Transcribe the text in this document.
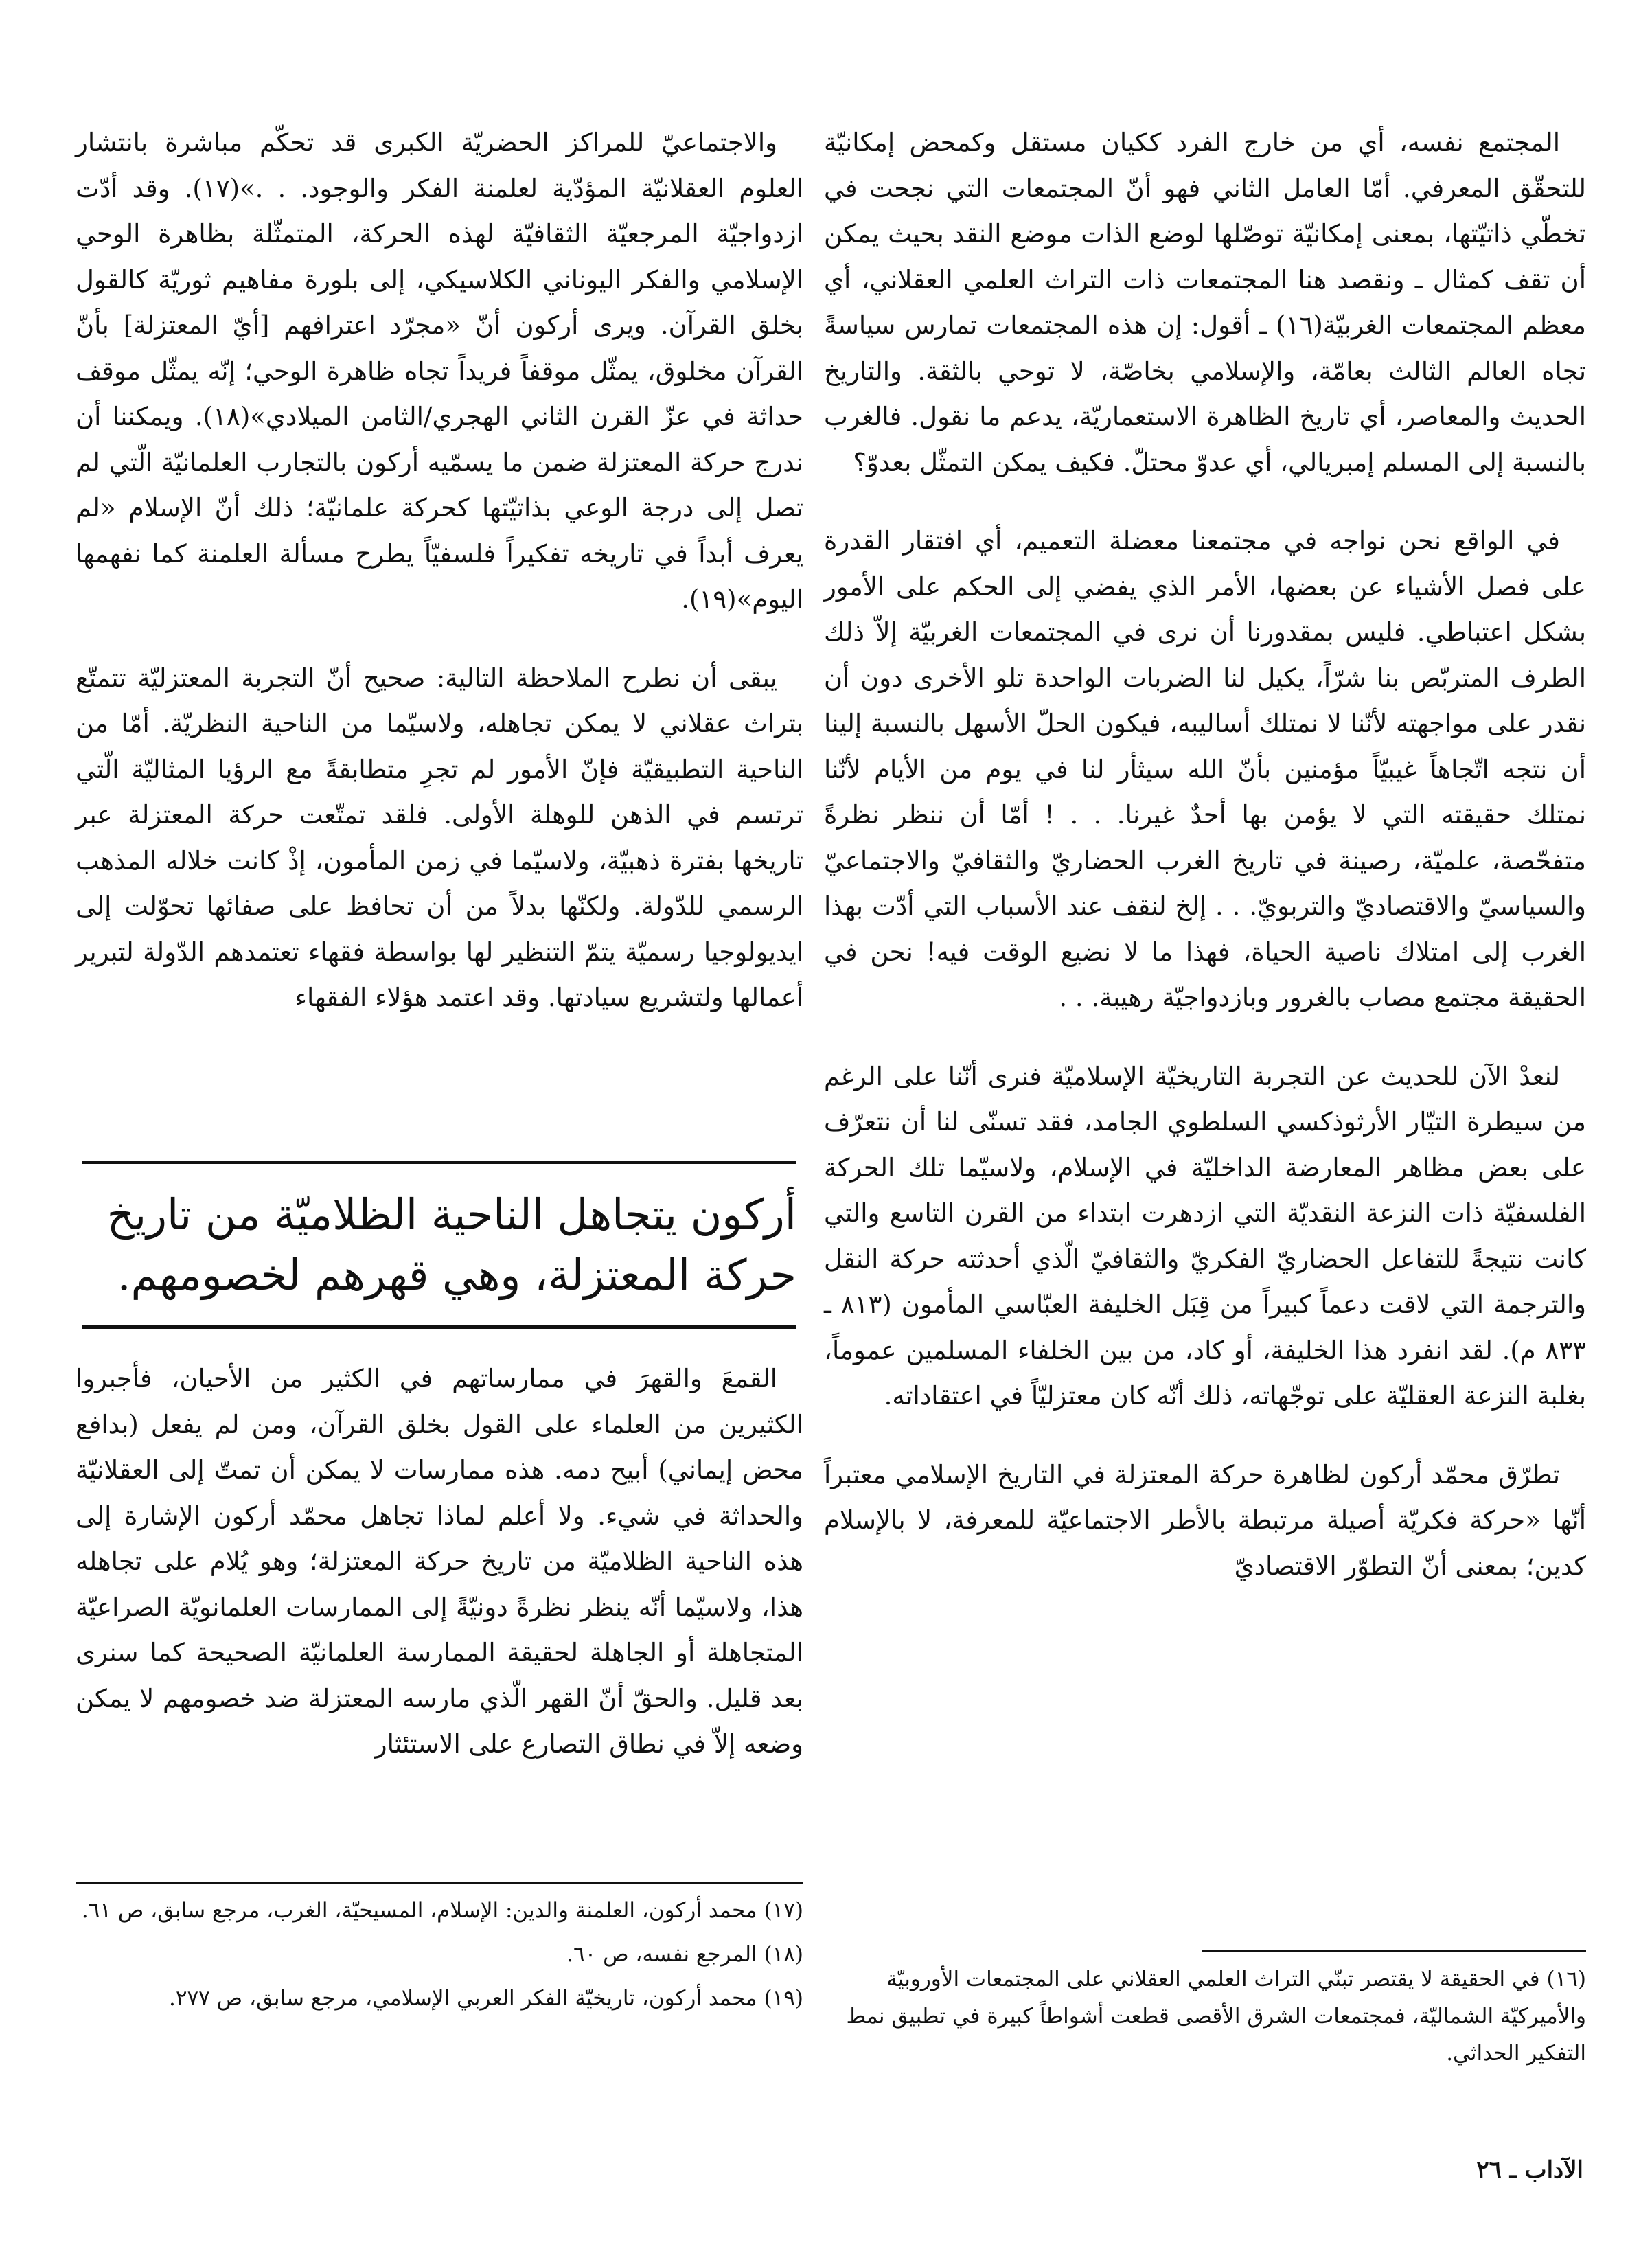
المجتمع نفسه، أي من خارج الفرد ككيان مستقل وكمحض إمكانيّة للتحقّق المعرفي. أمّا العامل الثاني فهو أنّ المجتمعات التي نجحت في تخطّي ذاتيّتها، بمعنى إمكانيّة توصّلها لوضع الذات موضع النقد بحيث يمكن أن تقف كمثال ـ ونقصد هنا المجتمعات ذات التراث العلمي العقلاني، أي معظم المجتمعات الغربيّة(١٦) ـ أقول: إن هذه المجتمعات تمارس سياسةً تجاه العالم الثالث بعامّة، والإسلامي بخاصّة، لا توحي بالثقة. والتاريخ الحديث والمعاصر، أي تاريخ الظاهرة الاستعماريّة، يدعم ما نقول. فالغرب بالنسبة إلى المسلم إمبريالي، أي عدوّ محتلّ. فكيف يمكن التمثّل بعدوّ؟

في الواقع نحن نواجه في مجتمعنا معضلة التعميم، أي افتقار القدرة على فصل الأشياء عن بعضها، الأمر الذي يفضي إلى الحكم على الأمور بشكل اعتباطي. فليس بمقدورنا أن نرى في المجتمعات الغربيّة إلاّ ذلك الطرف المتربّص بنا شرّاً، يكيل لنا الضربات الواحدة تلو الأخرى دون أن نقدر على مواجهته لأنّنا لا نمتلك أساليبه، فيكون الحلّ الأسهل بالنسبة إلينا أن نتجه اتّجاهاً غيبيّاً مؤمنين بأنّ الله سيثأر لنا في يوم من الأيام لأنّنا نمتلك حقيقته التي لا يؤمن بها أحدٌ غيرنا. . . ! أمّا أن ننظر نظرةً متفحّصة، علميّة، رصينة في تاريخ الغرب الحضاريّ والثقافيّ والاجتماعيّ والسياسيّ والاقتصاديّ والتربويّ. . . إلخ لنقف عند الأسباب التي أدّت بهذا الغرب إلى امتلاك ناصية الحياة، فهذا ما لا نضيع الوقت فيه! نحن في الحقيقة مجتمع مصاب بالغرور وبازدواجيّة رهيبة. . .

لنعدْ الآن للحديث عن التجربة التاريخيّة الإسلاميّة فنرى أنّنا على الرغم من سيطرة التيّار الأرثوذكسي السلطوي الجامد، فقد تسنّى لنا أن نتعرّف على بعض مظاهر المعارضة الداخليّة في الإسلام، ولاسيّما تلك الحركة الفلسفيّة ذات النزعة النقديّة التي ازدهرت ابتداء من القرن التاسع والتي كانت نتيجةً للتفاعل الحضاريّ الفكريّ والثقافيّ الّذي أحدثته حركة النقل والترجمة التي لاقت دعماً كبيراً من قِبَل الخليفة العبّاسي المأمون (٨١٣ ـ ٨٣٣ م). لقد انفرد هذا الخليفة، أو كاد، من بين الخلفاء المسلمين عموماً، بغلبة النزعة العقليّة على توجّهاته، ذلك أنّه كان معتزليّاً في اعتقاداته.

تطرّق محمّد أركون لظاهرة حركة المعتزلة في التاريخ الإسلامي معتبراً أنّها «حركة فكريّة أصيلة مرتبطة بالأطر الاجتماعيّة للمعرفة، لا بالإسلام كدين؛ بمعنى أنّ التطوّر الاقتصاديّ

والاجتماعيّ للمراكز الحضريّة الكبرى قد تحكّم مباشرة بانتشار العلوم العقلانيّة المؤدّية لعلمنة الفكر والوجود. . .»(١٧). وقد أدّت ازدواجيّة المرجعيّة الثقافيّة لهذه الحركة، المتمثّلة بظاهرة الوحي الإسلامي والفكر اليوناني الكلاسيكي، إلى بلورة مفاهيم ثوريّة كالقول بخلق القرآن. ويرى أركون أنّ «مجرّد اعترافهم [أيّ المعتزلة] بأنّ القرآن مخلوق، يمثّل موقفاً فريداً تجاه ظاهرة الوحي؛ إنّه يمثّل موقف حداثة في عزّ القرن الثاني الهجري/الثامن الميلادي»(١٨). ويمكننا أن ندرج حركة المعتزلة ضمن ما يسمّيه أركون بالتجارب العلمانيّة الّتي لم تصل إلى درجة الوعي بذاتيّتها كحركة علمانيّة؛ ذلك أنّ الإسلام «لم يعرف أبداً في تاريخه تفكيراً فلسفيّاً يطرح مسألة العلمنة كما نفهمها اليوم»(١٩).

يبقى أن نطرح الملاحظة التالية: صحيح أنّ التجربة المعتزليّة تتمتّع بتراث عقلاني لا يمكن تجاهله، ولاسيّما من الناحية النظريّة. أمّا من الناحية التطبيقيّة فإنّ الأمور لم تجرِ متطابقةً مع الرؤيا المثاليّة الّتي ترتسم في الذهن للوهلة الأولى. فلقد تمتّعت حركة المعتزلة عبر تاريخها بفترة ذهبيّة، ولاسيّما في زمن المأمون، إذْ كانت خلاله المذهب الرسمي للدّولة. ولكنّها بدلاً من أن تحافظ على صفائها تحوّلت إلى ايديولوجيا رسميّة يتمّ التنظير لها بواسطة فقهاء تعتمدهم الدّولة لتبرير أعمالها ولتشريع سيادتها. وقد اعتمد هؤلاء الفقهاء

أركون يتجاهل الناحية الظلاميّة من تاريخ حركة المعتزلة، وهي قهرهم لخصومهم.

القمعَ والقهرَ في ممارساتهم في الكثير من الأحيان، فأجبروا الكثيرين من العلماء على القول بخلق القرآن، ومن لم يفعل (بدافع محض إيماني) أبيح دمه. هذه ممارسات لا يمكن أن تمتّ إلى العقلانيّة والحداثة في شيء. ولا أعلم لماذا تجاهل محمّد أركون الإشارة إلى هذه الناحية الظلاميّة من تاريخ حركة المعتزلة؛ وهو يُلام على تجاهله هذا، ولاسيّما أنّه ينظر نظرةً دونيّةً إلى الممارسات العلمانويّة الصراعيّة المتجاهلة أو الجاهلة لحقيقة الممارسة العلمانيّة الصحيحة كما سنرى بعد قليل. والحقّ أنّ القهر الّذي مارسه المعتزلة ضد خصومهم لا يمكن وضعه إلاّ في نطاق التصارع على الاستئثار

(١٧) محمد أركون، العلمنة والدين: الإسلام، المسيحيّة، الغرب، مرجع سابق، ص ٦١.

(١٨) المرجع نفسه، ص ٦٠.

(١٩) محمد أركون، تاريخيّة الفكر العربي الإسلامي، مرجع سابق، ص ٢٧٧.

(١٦) في الحقيقة لا يقتصر تبنّي التراث العلمي العقلاني على المجتمعات الأوروبيّة والأميركيّة الشماليّة، فمجتمعات الشرق الأقصى قطعت أشواطاً كبيرة في تطبيق نمط التفكير الحداثي.

الآداب ـ ٢٦
